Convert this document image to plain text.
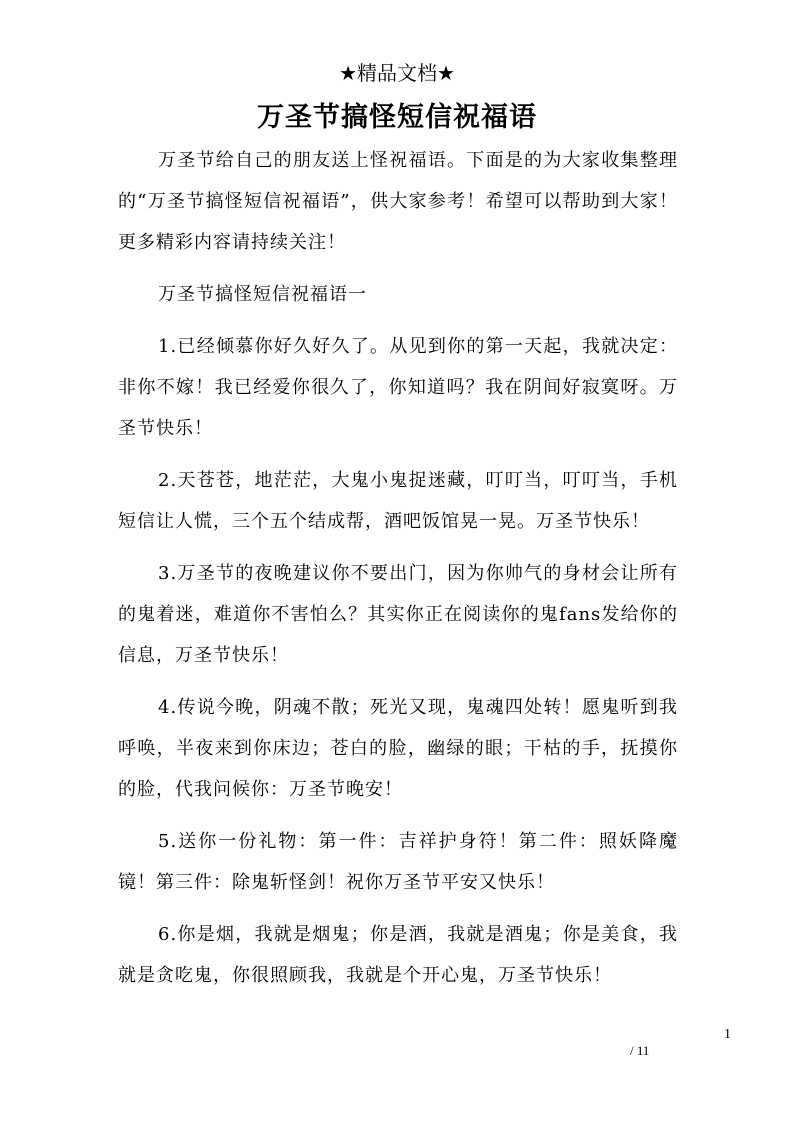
★精品文档★
万圣节搞怪短信祝福语

万圣节给自己的朋友送上怪祝福语。下面是的为大家收集整理的“万圣节搞怪短信祝福语”，供大家参考！希望可以帮助到大家！更多精彩内容请持续关注！

万圣节搞怪短信祝福语一

1.已经倾慕你好久好久了。从见到你的第一天起，我就决定：非你不嫁！我已经爱你很久了，你知道吗？我在阴间好寂寞呀。万圣节快乐！

2.天苍苍，地茫茫，大鬼小鬼捉迷藏，叮叮当，叮叮当，手机短信让人慌，三个五个结成帮，酒吧饭馆晃一晃。万圣节快乐！

3.万圣节的夜晚建议你不要出门，因为你帅气的身材会让所有的鬼着迷，难道你不害怕么？其实你正在阅读你的鬼fans发给你的信息，万圣节快乐！

4.传说今晚，阴魂不散；死光又现，鬼魂四处转！愿鬼听到我呼唤，半夜来到你床边；苍白的脸，幽绿的眼；干枯的手，抚摸你的脸，代我问候你：万圣节晚安！

5.送你一份礼物：第一件：吉祥护身符！第二件：照妖降魔镜！第三件：除鬼斩怪剑！祝你万圣节平安又快乐！

6.你是烟，我就是烟鬼；你是酒，我就是酒鬼；你是美食，我就是贪吃鬼，你很照顾我，我就是个开心鬼，万圣节快乐！

1
/ 11
